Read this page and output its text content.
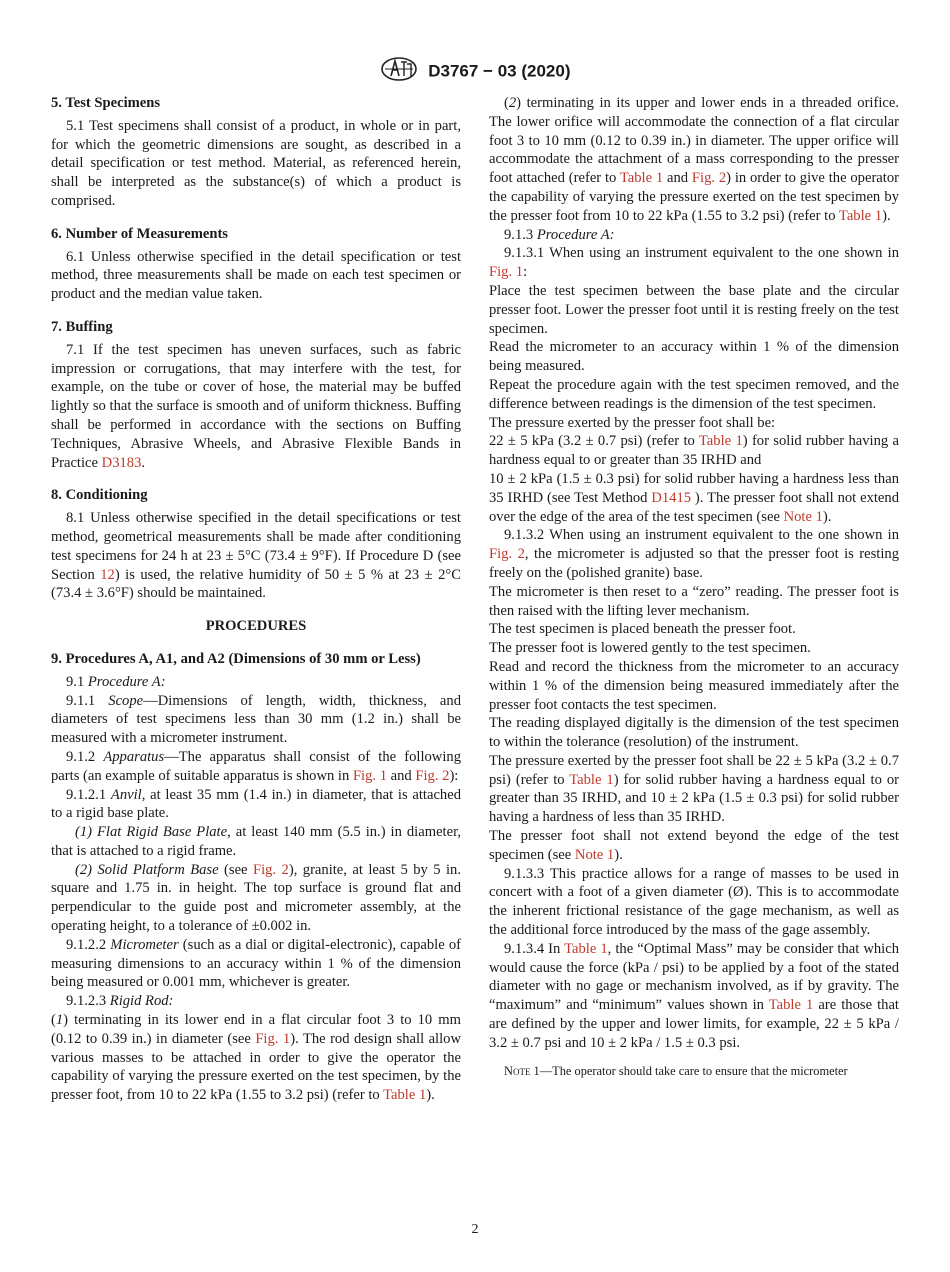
D3767 − 03 (2020)

5. Test Specimens

5.1 Test specimens shall consist of a product, in whole or in part, for which the geometric dimensions are sought, as described in a detail specification or test method. Material, as referenced herein, shall be interpreted as the substance(s) of which a product is comprised.

6. Number of Measurements

6.1 Unless otherwise specified in the detail specification or test method, three measurements shall be made on each test specimen or product and the median value taken.

7. Buffing

7.1 If the test specimen has uneven surfaces, such as fabric impression or corrugations, that may interfere with the test, for example, on the tube or cover of hose, the material may be buffed lightly so that the surface is smooth and of uniform thickness. Buffing shall be performed in accordance with the sections on Buffing Techniques, Abrasive Wheels, and Abrasive Flexible Bands in Practice D3183.

8. Conditioning

8.1 Unless otherwise specified in the detail specifications or test method, geometrical measurements shall be made after conditioning test specimens for 24 h at 23 ± 5°C (73.4 ± 9°F). If Procedure D (see Section 12) is used, the relative humidity of 50 ± 5 % at 23 ± 2°C (73.4 ± 3.6°F) should be maintained.

PROCEDURES

9. Procedures A, A1, and A2 (Dimensions of 30 mm or Less)

9.1 Procedure A:

9.1.1 Scope—Dimensions of length, width, thickness, and diameters of test specimens less than 30 mm (1.2 in.) shall be measured with a micrometer instrument.

9.1.2 Apparatus—The apparatus shall consist of the following parts (an example of suitable apparatus is shown in Fig. 1 and Fig. 2):

9.1.2.1 Anvil, at least 35 mm (1.4 in.) in diameter, that is attached to a rigid base plate.

(1) Flat Rigid Base Plate, at least 140 mm (5.5 in.) in diameter, that is attached to a rigid frame.

(2) Solid Platform Base (see Fig. 2), granite, at least 5 by 5 in. square and 1.75 in. in height. The top surface is ground flat and perpendicular to the guide post and micrometer assembly, at the operating height, to a tolerance of ±0.002 in.

9.1.2.2 Micrometer (such as a dial or digital-electronic), capable of measuring dimensions to an accuracy within 1 % of the dimension being measured or 0.001 mm, whichever is greater.

9.1.2.3 Rigid Rod:

(1) terminating in its lower end in a flat circular foot 3 to 10 mm (0.12 to 0.39 in.) in diameter (see Fig. 1). The rod design shall allow various masses to be attached in order to give the operator the capability of varying the pressure exerted on the test specimen, by the presser foot, from 10 to 22 kPa (1.55 to 3.2 psi) (refer to Table 1).

(2) terminating in its upper and lower ends in a threaded orifice. The lower orifice will accommodate the connection of a flat circular foot 3 to 10 mm (0.12 to 0.39 in.) in diameter. The upper orifice will accommodate the attachment of a mass corresponding to the presser foot attached (refer to Table 1 and Fig. 2) in order to give the operator the capability of varying the pressure exerted on the test specimen by the presser foot from 10 to 22 kPa (1.55 to 3.2 psi) (refer to Table 1).

9.1.3 Procedure A:

9.1.3.1 When using an instrument equivalent to the one shown in Fig. 1:

Place the test specimen between the base plate and the circular presser foot. Lower the presser foot until it is resting freely on the test specimen.

Read the micrometer to an accuracy within 1 % of the dimension being measured.

Repeat the procedure again with the test specimen removed, and the difference between readings is the dimension of the test specimen.

The pressure exerted by the presser foot shall be:

22 ± 5 kPa (3.2 ± 0.7 psi) (refer to Table 1) for solid rubber having a hardness equal to or greater than 35 IRHD and

10 ± 2 kPa (1.5 ± 0.3 psi) for solid rubber having a hardness less than 35 IRHD (see Test Method D1415 ). The presser foot shall not extend over the edge of the area of the test specimen (see Note 1).

9.1.3.2 When using an instrument equivalent to the one shown in Fig. 2, the micrometer is adjusted so that the presser foot is resting freely on the (polished granite) base.

The micrometer is then reset to a “zero” reading. The presser foot is then raised with the lifting lever mechanism.

The test specimen is placed beneath the presser foot.

The presser foot is lowered gently to the test specimen.

Read and record the thickness from the micrometer to an accuracy within 1 % of the dimension being measured immediately after the presser foot contacts the test specimen.

The reading displayed digitally is the dimension of the test specimen to within the tolerance (resolution) of the instrument.

The pressure exerted by the presser foot shall be 22 ± 5 kPa (3.2 ± 0.7 psi) (refer to Table 1) for solid rubber having a hardness equal to or greater than 35 IRHD, and 10 ± 2 kPa (1.5 ± 0.3 psi) for solid rubber having a hardness of less than 35 IRHD.

The presser foot shall not extend beyond the edge of the test specimen (see Note 1).

9.1.3.3 This practice allows for a range of masses to be used in concert with a foot of a given diameter (Ø). This is to accommodate the inherent frictional resistance of the gage mechanism, as well as the additional force introduced by the mass of the gage assembly.

9.1.3.4 In Table 1, the “Optimal Mass” may be consider that which would cause the force (kPa / psi) to be applied by a foot of the stated diameter with no gage or mechanism involved, as if by gravity. The “maximum” and “minimum” values shown in Table 1 are those that are defined by the upper and lower limits, for example, 22 ± 5 kPa / 3.2 ± 0.7 psi and 10 ± 2 kPa / 1.5 ± 0.3 psi.

Note 1—The operator should take care to ensure that the micrometer

2
